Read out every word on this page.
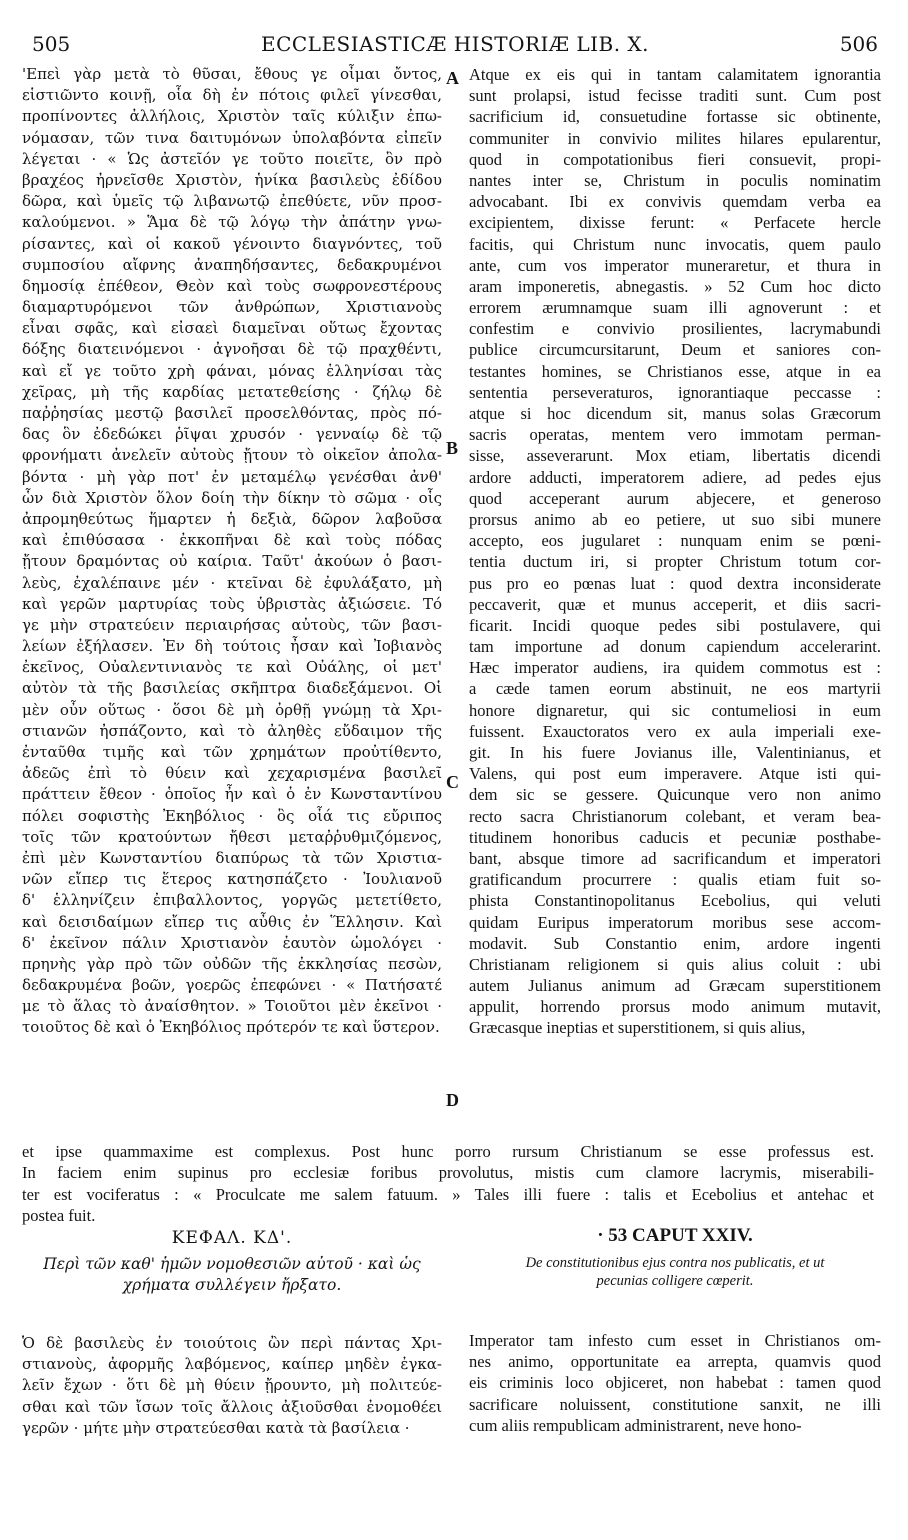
505	ECCLESIASTICÆ HISTORIÆ LIB. X.	506
'Επεὶ γὰρ μετὰ τὸ θῦσαι, ἔθους γε οἶμαι ὄντος,
εἱστιῶντο κοινῇ, οἷα δὴ ἐν πότοις φιλεῖ γίνεσθαι,
προπίνοντες ἀλλήλοις, Χριστὸν ταῖς κύλιξιν ἐπω-
νόμασαν, τῶν τινα δαιτυμόνων ὑπολαβόντα εἰπεῖν
λέγεται · « Ὡς ἀστεῖόν γε τοῦτο ποιεῖτε, ὃν πρὸ
βραχέος ἠρνεῖσθε Χριστὸν, ἡνίκα βασιλεὺς ἐδίδου
δῶρα, καὶ ὑμεῖς τῷ λιβανωτῷ ἐπεθύετε, νῦν προσ-
καλούμενοι. » Ἅμα δὲ τῷ λόγῳ τὴν ἀπάτην γνω-
ρίσαντες, καὶ οἱ κακοῦ γένοιντο διαγνόντες, τοῦ
συμποσίου αἴφνης ἀναπηδήσαντες, δεδακρυμένοι
δημοσίᾳ ἐπέθεον, Θεὸν καὶ τοὺς σωφρονεστέρους
διαμαρτυρόμενοι τῶν ἀνθρώπων, Χριστιανοὺς
εἶναι σφᾶς, καὶ εἰσαεὶ διαμεῖναι οὕτως ἔχοντας
δόξης διατεινόμενοι · ἀγνοῆσαι δὲ τῷ πραχθέντι,
καὶ εἴ γε τοῦτο χρὴ φάναι, μόνας ἑλληνίσαι τὰς
χεῖρας, μὴ τῆς καρδίας μετατεθείσης · ζήλῳ δὲ
παῤῥησίας μεστῷ βασιλεῖ προσελθόντας, πρὸς πό-
δας ὃν ἐδεδώκει ῥῖψαι χρυσόν · γενναίῳ δὲ τῷ
φρονήματι ἀνελεῖν αὐτοὺς ᾔτουν τὸ οἰκεῖον ἀπολα-
βόντα · μὴ γὰρ ποτ' ἐν μεταμέλῳ γενέσθαι ἀνθ'
ὧν διὰ Χριστὸν ὅλον δοίη τὴν δίκην τὸ σῶμα · οἷς
ἀπρομηθεύτως ἥμαρτεν ἡ δεξιὰ, δῶρον λαβοῦσα
καὶ ἐπιθύσασα · ἐκκοπῆναι δὲ καὶ τοὺς πόδας
ᾔτουν δραμόντας οὐ καίρια. Ταῦτ' ἀκούων ὁ βασι-
λεὺς, ἐχαλέπαινε μέν · κτεῖναι δὲ ἐφυλάξατο, μὴ
καὶ γερῶν μαρτυρίας τοὺς ὑβριστὰς ἀξιώσειε. Τό
γε μὴν στρατεύειν περιαιρήσας αὐτοὺς, τῶν βασι-
λείων ἐξήλασεν. Ἐν δὴ τούτοις ἦσαν καὶ Ἰοβιανὸς
ἐκεῖνος, Οὐαλεντινιανὸς τε καὶ Οὐάλης, οἱ μετ'
αὐτὸν τὰ τῆς βασιλείας σκῆπτρα διαδεξάμενοι. Οἱ
μὲν οὖν οὕτως · ὅσοι δὲ μὴ ὀρθῇ γνώμῃ τὰ Χρι-
στιανῶν ἠσπάζοντο, καὶ τὸ ἀληθὲς εὔδαιμον τῆς
ἐνταῦθα τιμῆς καὶ τῶν χρημάτων προὐτίθεντο,
ἀδεῶς ἐπὶ τὸ θύειν καὶ χεχαρισμένα βασιλεῖ
πράττειν ἔθεον · ὁποῖος ἦν καὶ ὁ ἐν Κωνσταντίνου
πόλει σοφιστὴς Ἐκηβόλιος · ὃς οἷά τις εὔριπος
τοῖς τῶν κρατούντων ἤθεσι μεταῤῥυθμιζόμενος,
ἐπὶ μὲν Κωνσταντίου διαπύρως τὰ τῶν Χριστια-
νῶν εἴπερ τις ἕτερος κατησπάζετο · Ἰουλιανοῦ
δ' ἑλληνίζειν ἐπιβαλλοντος, γοργῶς μετετίθετο,
καὶ δεισιδαίμων εἴπερ τις αὖθις ἐν Ἕλλησιν. Καὶ
δ' ἐκεῖνον πάλιν Χριστιανὸν ἑαυτὸν ὡμολόγει ·
πρηνὴς γὰρ πρὸ τῶν οὐδῶν τῆς ἐκκλησίας πεσὼν,
δεδακρυμένα βοῶν, γοερῶς ἐπεφώνει · « Πατήσατέ
με τὸ ἅλας τὸ ἀναίσθητον. » Τοιοῦτοι μὲν ἐκεῖνοι ·
τοιοῦτος δὲ καὶ ὁ Ἐκηβόλιος πρότερόν τε καὶ ὕστερον.
Atque ex eis qui in tantam calamitatem ignorantia
sunt prolapsi, istud fecisse traditi sunt. Cum post
sacrificium id, consuetudine fortasse sic obtinente,
communiter in convivio milites hilares epularentur,
quod in compotationibus fieri consuevit, propi-
nantes inter se, Christum in poculis nominatim
advocabant. Ibi ex convivis quemdam verba ea
excipientem, dixisse ferunt: « Perfacete hercle
facitis, qui Christum nunc invocatis, quem paulo
ante, cum vos imperator muneraretur, et thura in
aram imponeretis, abnegastis. » 52 Cum hoc dicto
errorem ærumnamque suam illi agnoverunt : et
confestim e convivio prosilientes, lacrymabundi
publice circumcursitarunt, Deum et saniores con-
testantes homines, se Christianos esse, atque in ea
sententia perseveraturos, ignorantiaque peccasse :
atque si hoc dicendum sit, manus solas Græcorum
sacris operatas, mentem vero immotam perman-
sisse, asseverarunt. Mox etiam, libertatis dicendi
ardore adducti, imperatorem adiere, ad pedes ejus
quod acceperant aurum abjecere, et generoso
prorsus animo ab eo petiere, ut suo sibi munere
accepto, eos jugularet : nunquam enim se pœni-
tentia ductum iri, si propter Christum totum cor-
pus pro eo pœnas luat : quod dextra inconsiderate
peccaverit, quæ et munus acceperit, et diis sacri-
ficarit. Incidi quoque pedes sibi postulavere, qui
tam importune ad donum capiendum accelerarint.
Hæc imperator audiens, ira quidem commotus est :
a cæde tamen eorum abstinuit, ne eos martyrii
honore dignaretur, qui sic contumeliosi in eum
fuissent. Exauctoratos vero ex aula imperiali exe-
git. In his fuere Jovianus ille, Valentinianus, et
Valens, qui post eum imperavere. Atque isti qui-
dem sic se gessere. Quicunque vero non animo
recto sacra Christianorum colebant, et veram bea-
titudinem honoribus caducis et pecuniæ posthabe-
bant, absque timore ad sacrificandum et imperatori
gratificandum procurrere : qualis etiam fuit so-
phista Constantinopolitanus Ecebolius, qui veluti
quidam Euripus imperatorum moribus sese accom-
modavit. Sub Constantio enim, ardore ingenti
Christianam religionem si quis alius coluit : ubi
autem Julianus animum ad Græcam superstitionem
appulit, horrendo prorsus modo animum mutavit,
Græcasque ineptias et superstitionem, si quis alius,
A
B
C
D
et ipse quammaxime est complexus. Post hunc porro rursum Christianum se esse professus est.
In faciem enim supinus pro ecclesiæ foribus provolutus, mistis cum clamore lacrymis, miserabili-
ter est vociferatus : « Proculcate me salem fatuum. » Tales illi fuere : talis et Ecebolius et antehac et
postea fuit.
ΚΕΦΑΛ. ΚΔ'.
Περὶ τῶν καθ' ἡμῶν νομοθεσιῶν αὐτοῦ · καὶ ὡς
χρήματα συλλέγειν ἤρξατο.
· 53 CAPUT XXIV.
De constitutionibus ejus contra nos publicatis, et ut
pecunias colligere cœperit.
Ὁ δὲ βασιλεὺς ἐν τοιούτοις ὢν περὶ πάντας Χρι-
στιανοὺς, ἀφορμῆς λαβόμενος, καίπερ μηδὲν ἐγκα-
λεῖν ἔχων · ὅτι δὲ μὴ θύειν ᾔρουντο, μὴ πολιτεύε-
σθαι καὶ τῶν ἴσων τοῖς ἄλλοις ἀξιοῦσθαι ἐνομοθέει
γερῶν · μήτε μὴν στρατεύεσθαι κατὰ τὰ βασίλεια ·
Imperator tam infesto cum esset in Christianos om-
nes animo, opportunitate ea arrepta, quamvis quod
eis criminis loco objiceret, non habebat : tamen quod
sacrificare noluissent, constitutione sanxit, ne illi
cum aliis rempublicam administrarent, neve hono-
